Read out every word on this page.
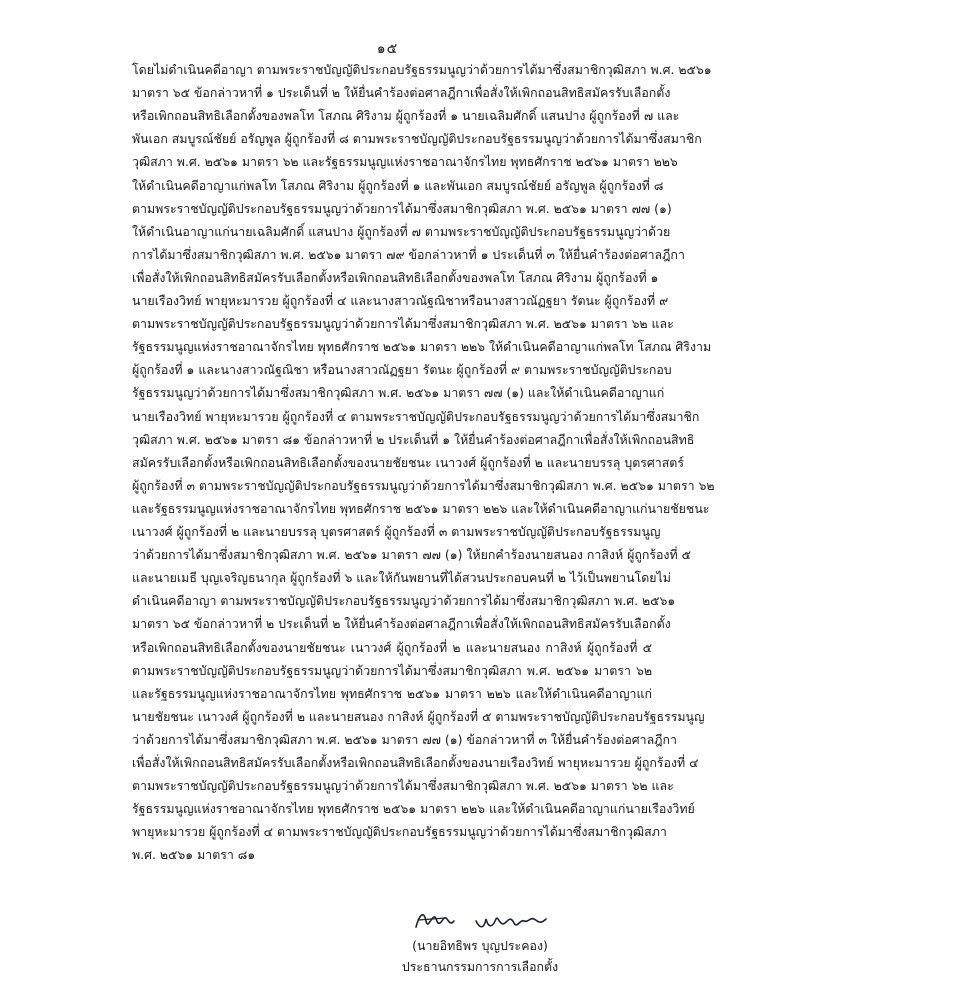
๑๕
โดยไม่ดำเนินคดีอาญา ตามพระราชบัญญัติประกอบรัฐธรรมนูญว่าด้วยการได้มาซึ่งสมาชิกวุฒิสภา พ.ศ. ๒๕๖๑
มาตรา ๖๕ ข้อกล่าวหาที่ ๑ ประเด็นที่ ๒ ให้ยื่นคำร้องต่อศาลฎีกาเพื่อสั่งให้เพิกถอนสิทธิสมัครรับเลือกตั้ง
หรือเพิกถอนสิทธิเลือกตั้งของพลโท โสภณ ศิริงาม ผู้ถูกร้องที่ ๑ นายเฉลิมศักดิ์ แสนปาง ผู้ถูกร้องที่ ๗ และ
พันเอก สมบูรณ์ชัยย์ อรัญพูล ผู้ถูกร้องที่ ๘ ตามพระราชบัญญัติประกอบรัฐธรรมนูญว่าด้วยการได้มาซึ่งสมาชิก
วุฒิสภา พ.ศ. ๒๕๖๑ มาตรา ๖๒ และรัฐธรรมนูญแห่งราชอาณาจักรไทย พุทธศักราช ๒๕๖๑ มาตรา ๒๒๖
ให้ดำเนินคดีอาญาแก่พลโท โสภณ ศิริงาม ผู้ถูกร้องที่ ๑ และพันเอก สมบูรณ์ชัยย์ อรัญพูล ผู้ถูกร้องที่ ๘
ตามพระราชบัญญัติประกอบรัฐธรรมนูญว่าด้วยการได้มาซึ่งสมาชิกวุฒิสภา พ.ศ. ๒๕๖๑ มาตรา ๗๗ (๑)
ให้ดำเนินอาญาแก่นายเฉลิมศักดิ์ แสนปาง ผู้ถูกร้องที่ ๗ ตามพระราชบัญญัติประกอบรัฐธรรมนูญว่าด้วย
การได้มาซึ่งสมาชิกวุฒิสภา พ.ศ. ๒๕๖๑ มาตรา ๗๙ ข้อกล่าวหาที่ ๑ ประเด็นที่ ๓ ให้ยื่นคำร้องต่อศาลฎีกา
เพื่อสั่งให้เพิกถอนสิทธิสมัครรับเลือกตั้งหรือเพิกถอนสิทธิเลือกตั้งของพลโท โสภณ ศิริงาม ผู้ถูกร้องที่ ๑
นายเรืองวิทย์ พายุหะมารวย ผู้ถูกร้องที่ ๔ และนางสาวณัฐณิชาหรือนางสาวณัฏฐยา รัตนะ ผู้ถูกร้องที่ ๙
ตามพระราชบัญญัติประกอบรัฐธรรมนูญว่าด้วยการได้มาซึ่งสมาชิกวุฒิสภา พ.ศ. ๒๕๖๑ มาตรา ๖๒ และ
รัฐธรรมนูญแห่งราชอาณาจักรไทย พุทธศักราช ๒๕๖๑ มาตรา ๒๒๖ ให้ดำเนินคดีอาญาแก่พลโท โสภณ ศิริงาม
ผู้ถูกร้องที่ ๑ และนางสาวณัฐณิชา หรือนางสาวณัฏฐยา รัตนะ ผู้ถูกร้องที่ ๙ ตามพระราชบัญญัติประกอบ
รัฐธรรมนูญว่าด้วยการได้มาซึ่งสมาชิกวุฒิสภา พ.ศ. ๒๕๖๑ มาตรา ๗๗ (๑) และให้ดำเนินคดีอาญาแก่
นายเรืองวิทย์ พายุหะมารวย ผู้ถูกร้องที่ ๔ ตามพระราชบัญญัติประกอบรัฐธรรมนูญว่าด้วยการได้มาซึ่งสมาชิก
วุฒิสภา พ.ศ. ๒๕๖๑ มาตรา ๘๑ ข้อกล่าวหาที่ ๒ ประเด็นที่ ๑ ให้ยื่นคำร้องต่อศาลฎีกาเพื่อสั่งให้เพิกถอนสิทธิ
สมัครรับเลือกตั้งหรือเพิกถอนสิทธิเลือกตั้งของนายชัยชนะ เนาวงศ์ ผู้ถูกร้องที่ ๒ และนายบรรลุ บุตรศาสตร์
ผู้ถูกร้องที่ ๓ ตามพระราชบัญญัติประกอบรัฐธรรมนูญว่าด้วยการได้มาซึ่งสมาชิกวุฒิสภา พ.ศ. ๒๕๖๑ มาตรา ๖๒
และรัฐธรรมนูญแห่งราชอาณาจักรไทย พุทธศักราช ๒๕๖๑ มาตรา ๒๒๖ และให้ดำเนินคดีอาญาแก่นายชัยชนะ
เนาวงศ์ ผู้ถูกร้องที่ ๒ และนายบรรลุ บุตรศาสตร์ ผู้ถูกร้องที่ ๓ ตามพระราชบัญญัติประกอบรัฐธรรมนูญ
ว่าด้วยการได้มาซึ่งสมาชิกวุฒิสภา พ.ศ. ๒๕๖๑ มาตรา ๗๗ (๑) ให้ยกคำร้องนายสนอง กาสิงห์ ผู้ถูกร้องที่ ๕
และนายเมธี บุญเจริญธนากุล ผู้ถูกร้องที่ ๖ และให้กันพยานที่ได้สวนประกอบคนที่ ๒ ไว้เป็นพยานโดยไม่
ดำเนินคดีอาญา ตามพระราชบัญญัติประกอบรัฐธรรมนูญว่าด้วยการได้มาซึ่งสมาชิกวุฒิสภา พ.ศ. ๒๕๖๑
มาตรา ๖๕ ข้อกล่าวหาที่ ๒ ประเด็นที่ ๒ ให้ยื่นคำร้องต่อศาลฎีกาเพื่อสั่งให้เพิกถอนสิทธิสมัครรับเลือกตั้ง
หรือเพิกถอนสิทธิเลือกตั้งของนายชัยชนะ เนาวงศ์ ผู้ถูกร้องที่ ๒ และนายสนอง กาสิงห์ ผู้ถูกร้องที่ ๕
ตามพระราชบัญญัติประกอบรัฐธรรมนูญว่าด้วยการได้มาซึ่งสมาชิกวุฒิสภา พ.ศ. ๒๕๖๑ มาตรา ๖๒
และรัฐธรรมนูญแห่งราชอาณาจักรไทย พุทธศักราช ๒๕๖๑ มาตรา ๒๒๖ และให้ดำเนินคดีอาญาแก่
นายชัยชนะ เนาวงศ์ ผู้ถูกร้องที่ ๒ และนายสนอง กาสิงห์ ผู้ถูกร้องที่ ๕ ตามพระราชบัญญัติประกอบรัฐธรรมนูญ
ว่าด้วยการได้มาซึ่งสมาชิกวุฒิสภา พ.ศ. ๒๕๖๑ มาตรา ๗๗ (๑) ข้อกล่าวหาที่ ๓ ให้ยื่นคำร้องต่อศาลฎีกา
เพื่อสั่งให้เพิกถอนสิทธิสมัครรับเลือกตั้งหรือเพิกถอนสิทธิเลือกตั้งของนายเรืองวิทย์ พายุหะมารวย ผู้ถูกร้องที่ ๔
ตามพระราชบัญญัติประกอบรัฐธรรมนูญว่าด้วยการได้มาซึ่งสมาชิกวุฒิสภา พ.ศ. ๒๕๖๑ มาตรา ๖๒ และ
รัฐธรรมนูญแห่งราชอาณาจักรไทย พุทธศักราช ๒๕๖๑ มาตรา ๒๒๖ และให้ดำเนินคดีอาญาแก่นายเรืองวิทย์
พายุหะมารวย ผู้ถูกร้องที่ ๔ ตามพระราชบัญญัติประกอบรัฐธรรมนูญว่าด้วยการได้มาซึ่งสมาชิกวุฒิสภา
พ.ศ. ๒๕๖๑ มาตรา ๘๑
(นายอิทธิพร บุญประคอง)
ประธานกรรมการการเลือกตั้ง
